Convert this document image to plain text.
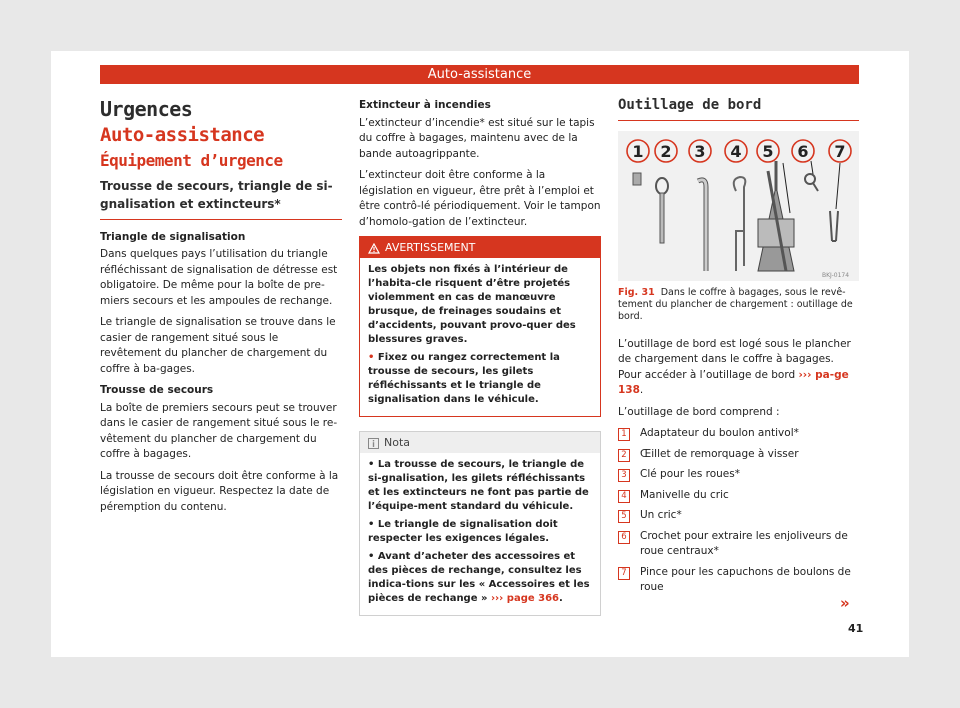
Auto-assistance
Urgences
Auto-assistance
Équipement d’urgence
Trousse de secours, triangle de si-gnalisation et extincteurs*

Triangle de signalisation

Dans quelques pays l’utilisation du triangle réfléchissant de signalisation de détresse est obligatoire. De même pour la boîte de pre-miers secours et les ampoules de rechange.

Le triangle de signalisation se trouve dans le casier de rangement situé sous le revêtement du plancher de chargement du coffre à ba-gages.

Trousse de secours

La boîte de premiers secours peut se trouver dans le casier de rangement situé sous le re-vêtement du plancher de chargement du coffre à bagages.

La trousse de secours doit être conforme à la législation en vigueur. Respectez la date de péremption du contenu.

Extincteur à incendies

L’extincteur d’incendie* est situé sur le tapis du coffre à bagages, maintenu avec de la bande autoagrippante.

L’extincteur doit être conforme à la législation en vigueur, être prêt à l’emploi et être contrô-lé périodiquement. Voir le tampon d’homolo-gation de l’extincteur.

AVERTISSEMENT

Les objets non fixés à l’intérieur de l’habita-cle risquent d’être projetés violemment en cas de manœuvre brusque, de freinages soudains et d’accidents, pouvant provo-quer des blessures graves.

• Fixez ou rangez correctement la trousse de secours, les gilets réfléchissants et le triangle de signalisation dans le véhicule.

Nota

• La trousse de secours, le triangle de si-gnalisation, les gilets réfléchissants et les extincteurs ne font pas partie de l’équipe-ment standard du véhicule.

• Le triangle de signalisation doit respecter les exigences légales.

• Avant d’acheter des accessoires et des pièces de rechange, consultez les indica-tions sur les « Accessoires et les pièces de rechange » ››› page 366.

Outillage de bord
1 2 3 4 5 6 7
BKJ-0174
Fig. 31 Dans le coffre à bagages, sous le revê-tement du plancher de chargement : outillage de bord.

L’outillage de bord est logé sous le plancher de chargement dans le coffre à bagages. Pour accéder à l’outillage de bord ››› pa-ge 138.

L’outillage de bord comprend :

1	Adaptateur du boulon antivol*
2	Œillet de remorquage à visser
3	Clé pour les roues*
4	Manivelle du cric
5	Un cric*
6	Crochet pour extraire les enjoliveurs de roue centraux*
7	Pince pour les capuchons de boulons de roue
»
41
